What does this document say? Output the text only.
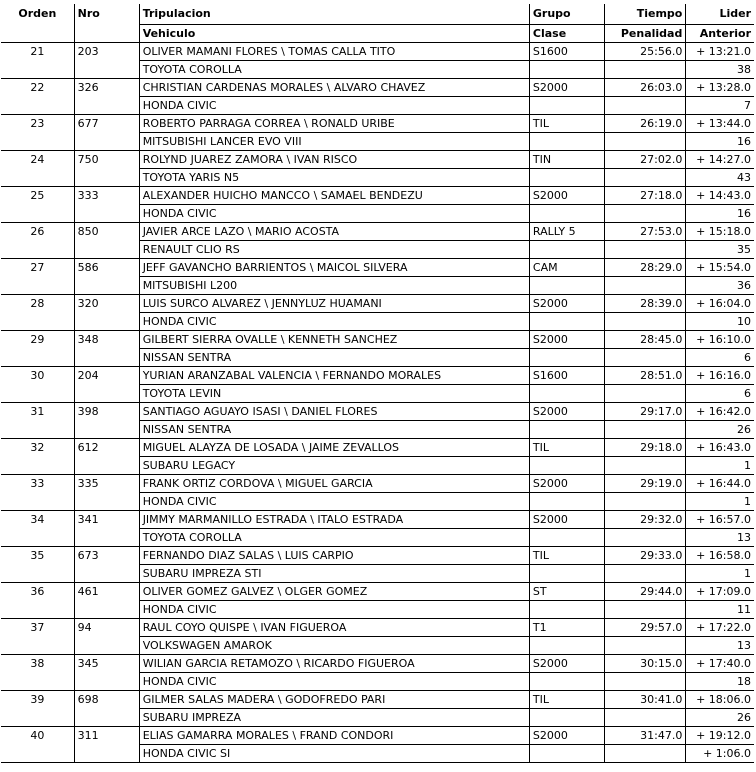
Orden	Nro	Tripulacion	Grupo	Tiempo	Lider
		Vehiculo	Clase	Penalidad	Anterior
21	203	OLIVER MAMANI FLORES \ TOMAS CALLA TITO	S1600	25:56.0	+ 13:21.0
		TOYOTA COROLLA			38
22	326	CHRISTIAN CARDENAS MORALES \ ALVARO CHAVEZ	S2000	26:03.0	+ 13:28.0
		HONDA CIVIC			7
23	677	ROBERTO PARRAGA CORREA \ RONALD URIBE	TIL	26:19.0	+ 13:44.0
		MITSUBISHI LANCER EVO VIII			16
24	750	ROLYND JUAREZ ZAMORA \ IVAN RISCO	TIN	27:02.0	+ 14:27.0
		TOYOTA YARIS N5			43
25	333	ALEXANDER HUICHO MANCCO \ SAMAEL BENDEZU	S2000	27:18.0	+ 14:43.0
		HONDA CIVIC			16
26	850	JAVIER ARCE LAZO \ MARIO ACOSTA	RALLY 5	27:53.0	+ 15:18.0
		RENAULT CLIO RS			35
27	586	JEFF GAVANCHO BARRIENTOS \ MAICOL SILVERA	CAM	28:29.0	+ 15:54.0
		MITSUBISHI L200			36
28	320	LUIS SURCO ALVAREZ \ JENNYLUZ HUAMANI	S2000	28:39.0	+ 16:04.0
		HONDA CIVIC			10
29	348	GILBERT SIERRA OVALLE \ KENNETH SANCHEZ	S2000	28:45.0	+ 16:10.0
		NISSAN SENTRA			6
30	204	YURIAN ARANZABAL VALENCIA \ FERNANDO MORALES	S1600	28:51.0	+ 16:16.0
		TOYOTA LEVIN			6
31	398	SANTIAGO AGUAYO ISASI \ DANIEL FLORES	S2000	29:17.0	+ 16:42.0
		NISSAN SENTRA			26
32	612	MIGUEL ALAYZA DE LOSADA \ JAIME ZEVALLOS	TIL	29:18.0	+ 16:43.0
		SUBARU LEGACY			1
33	335	FRANK ORTIZ CORDOVA \ MIGUEL GARCIA	S2000	29:19.0	+ 16:44.0
		HONDA CIVIC			1
34	341	JIMMY MARMANILLO ESTRADA \ ITALO ESTRADA	S2000	29:32.0	+ 16:57.0
		TOYOTA COROLLA			13
35	673	FERNANDO DIAZ SALAS \ LUIS CARPIO	TIL	29:33.0	+ 16:58.0
		SUBARU IMPREZA STI			1
36	461	OLIVER GOMEZ GALVEZ \ OLGER GOMEZ	ST	29:44.0	+ 17:09.0
		HONDA CIVIC			11
37	94	RAUL COYO QUISPE \ IVAN FIGUEROA	T1	29:57.0	+ 17:22.0
		VOLKSWAGEN AMAROK			13
38	345	WILIAN GARCIA RETAMOZO \ RICARDO FIGUEROA	S2000	30:15.0	+ 17:40.0
		HONDA CIVIC			18
39	698	GILMER SALAS MADERA \ GODOFREDO PARI	TIL	30:41.0	+ 18:06.0
		SUBARU IMPREZA			26
40	311	ELIAS GAMARRA MORALES \ FRAND CONDORI	S2000	31:47.0	+ 19:12.0
		HONDA CIVIC SI			+ 1:06.0
